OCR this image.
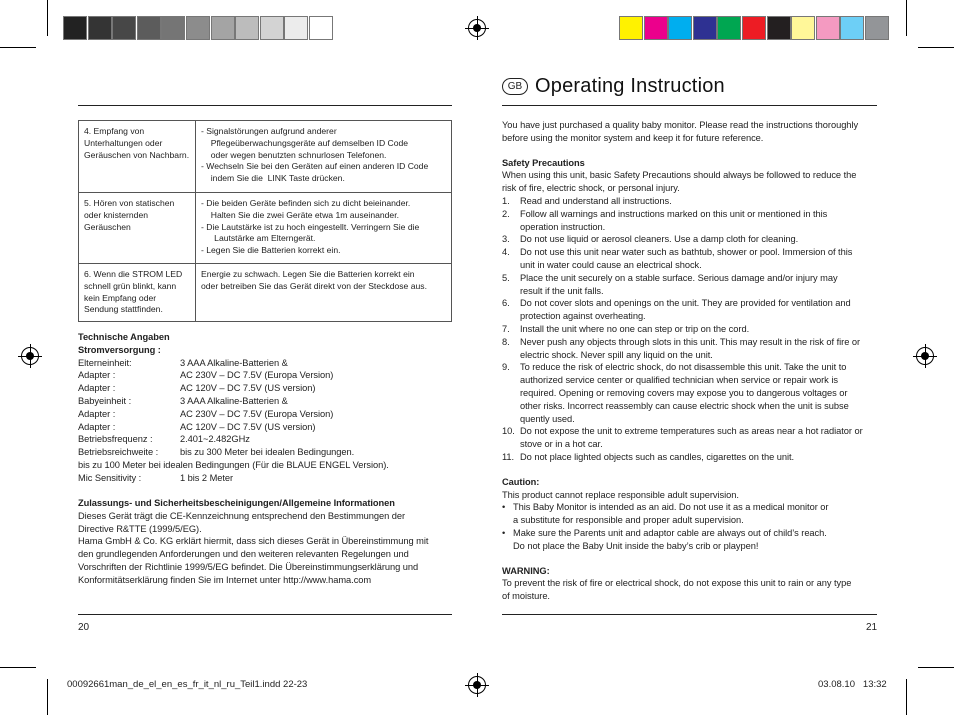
4. Empfang von Unterhaltungen oder Geräuschen von Nachbarn.	- Signalstörungen aufgrund anderer
Pflegeüberwachungsgeräte auf demselben ID Code
oder wegen benutzten schnurlosen Telefonen.
- Wechseln Sie bei den Geräten auf einen anderen ID Code
indem Sie die  LINK Taste drücken.

5. Hören von statischen oder knisternden Geräuschen	- Die beiden Geräte befinden sich zu dicht beieinander.
Halten Sie die zwei Geräte etwa 1m auseinander.
- Die Lautstärke ist zu hoch eingestellt. Verringern Sie die
Lautstärke am Elterngerät.
- Legen Sie die Batterien korrekt ein.

6. Wenn die STROM LED schnell grün blinkt, kann kein Empfang oder Sendung stattfinden.	Energie zu schwach. Legen Sie die Batterien korrekt ein
oder betreiben Sie das Gerät direkt von der Steckdose aus.
Technische Angaben
Stromversorgung :
Elterneinheit:	3 AAA Alkaline-Batterien &
Adapter :	AC 230V – DC 7.5V (Europa Version)
Adapter :	AC 120V – DC 7.5V (US version)
Babyeinheit :	3 AAA Alkaline-Batterien &
Adapter :	AC 230V – DC 7.5V (Europa Version)
Adapter :	AC 120V – DC 7.5V (US version)
Betriebsfrequenz :	2.401~2.482GHz
Betriebsreichweite :	bis zu 300 Meter bei idealen Bedingungen.
bis zu 100 Meter bei idealen Bedingungen (Für die BLAUE ENGEL Version).
Mic Sensitivity :	1 bis 2 Meter
Zulassungs- und Sicherheitsbescheinigungen/Allgemeine Informationen
Dieses Gerät trägt die CE-Kennzeichnung entsprechend den Bestimmungen der
Directive R&TTE (1999/5/EG).
Hama GmbH & Co. KG erklärt hiermit, dass sich dieses Gerät in Übereinstimmung mit
den grundlegenden Anforderungen und den weiteren relevanten Regelungen und
Vorschriften der Richtlinie 1999/5/EG befindet. Die Übereinstimmungserklärung und
Konformitätserklärung finden Sie im Internet unter http://www.hama.com
20
GB Operating Instruction
You have just purchased a quality baby monitor. Please read the instructions thoroughly
before using the monitor system and keep it for future reference.
Safety Precautions
When using this unit, basic Safety Precautions should always be followed to reduce the
risk of fire, electric shock, or personal injury.
1.	Read and understand all instructions.
2.	Follow all warnings and instructions marked on this unit or mentioned in this
operation instruction.
3.	Do not use liquid or aerosol cleaners. Use a damp cloth for cleaning.
4.	Do not use this unit near water such as bathtub, shower or pool. Immersion of this
unit in water could cause an electrical shock.
5.	Place the unit securely on a stable surface. Serious damage and/or injury may
result if the unit falls.
6.	Do not cover slots and openings on the unit. They are provided for ventilation and
protection against overheating.
7.	Install the unit where no one can step or trip on the cord.
8.	Never push any objects through slots in this unit. This may result in the risk of fire or
electric shock. Never spill any liquid on the unit.
9.	To reduce the risk of electric shock, do not disassemble this unit. Take the unit to
authorized service center or qualified technician when service or repair work is
required. Opening or removing covers may expose you to dangerous voltages or
other risks. Incorrect reassembly can cause electric shock when the unit is subse
quently used.
10. Do not expose the unit to extreme temperatures such as areas near a hot radiator or
stove or in a hot car.
11. Do not place lighted objects such as candles, cigarettes on the unit.
Caution:
This product cannot replace responsible adult supervision.
• This Baby Monitor is intended as an aid. Do not use it as a medical monitor or
a substitute for responsible and proper adult supervision.
• Make sure the Parents unit and adaptor cable are always out of child’s reach.
Do not place the Baby Unit inside the baby’s crib or playpen!
WARNING:
To prevent the risk of fire or electrical shock, do not expose this unit to rain or any type
of moisture.
21
00092661man_de_el_en_es_fr_it_nl_ru_Teil1.indd 22-23	03.08.10 13:32
